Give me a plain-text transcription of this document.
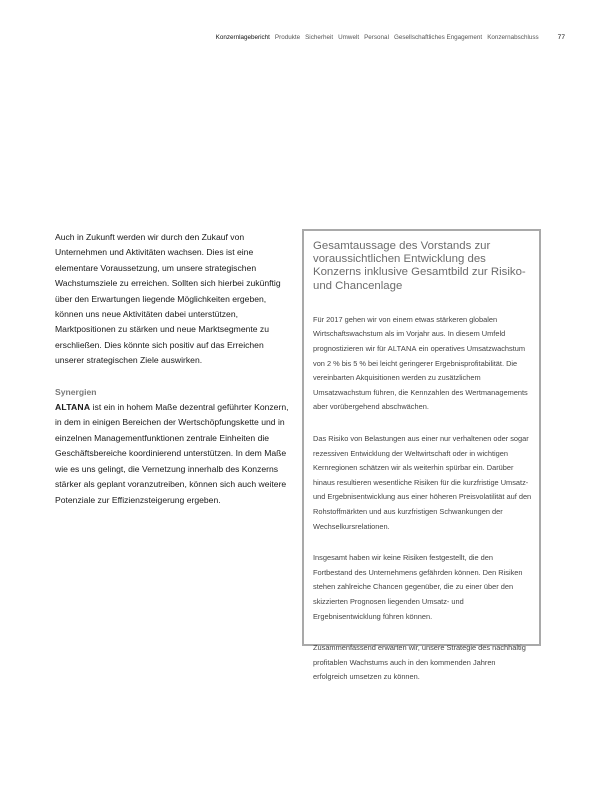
Konzernlagebericht Produkte Sicherheit Umwelt Personal Gesellschaftliches Engagement Konzernabschluss	77

Auch in Zukunft werden wir durch den Zukauf von Unternehmen und Aktivitäten wachsen. Dies ist eine elementare Voraussetzung, um unsere strategischen Wachstumsziele zu erreichen. Sollten sich hierbei zukünftig über den Erwartungen liegende Möglichkeiten ergeben, können uns neue Aktivitäten dabei unterstützen, Marktpositionen zu stärken und neue Marktsegmente zu erschließen. Dies könnte sich positiv auf das Erreichen unserer strategischen Ziele auswirken.

Synergien

ALTANA ist ein in hohem Maße dezentral geführter Konzern, in dem in einigen Bereichen der Wertschöpfungskette und in einzelnen Managementfunktionen zentrale Einheiten die Geschäftsbereiche koordinierend unterstützen. In dem Maße wie es uns gelingt, die Vernetzung innerhalb des Konzerns stärker als geplant voranzutreiben, können sich auch weitere Potenziale zur Effizienzsteigerung ergeben.

Gesamtaussage des Vorstands zur voraussichtlichen Entwicklung des Konzerns inklusive Gesamtbild zur Risiko- und Chancenlage

Für 2017 gehen wir von einem etwas stärkeren globalen Wirtschaftswachstum als im Vorjahr aus. In diesem Umfeld prognostizieren wir für ALTANA ein operatives Umsatzwachstum von 2 % bis 5 % bei leicht geringerer Ergebnisprofitabilität. Die vereinbarten Akquisitionen werden zu zusätzlichem Umsatzwachstum führen, die Kennzahlen des Wertmanagements aber vorübergehend abschwächen.

Das Risiko von Belastungen aus einer nur verhaltenen oder sogar rezessiven Entwicklung der Weltwirtschaft oder in wichtigen Kernregionen schätzen wir als weiterhin spürbar ein. Darüber hinaus resultieren wesentliche Risiken für die kurzfristige Umsatz- und Ergebnisentwicklung aus einer höheren Preisvolatilität auf den Rohstoffmärkten und aus kurzfristigen Schwankungen der Wechselkursrelationen.

Insgesamt haben wir keine Risiken festgestellt, die den Fortbestand des Unternehmens gefährden können. Den Risiken stehen zahlreiche Chancen gegenüber, die zu einer über den skizzierten Prognosen liegenden Umsatz- und Ergebnisentwicklung führen können.

Zusammenfassend erwarten wir, unsere Strategie des nachhaltig profitablen Wachstums auch in den kommenden Jahren erfolgreich umsetzen zu können.
